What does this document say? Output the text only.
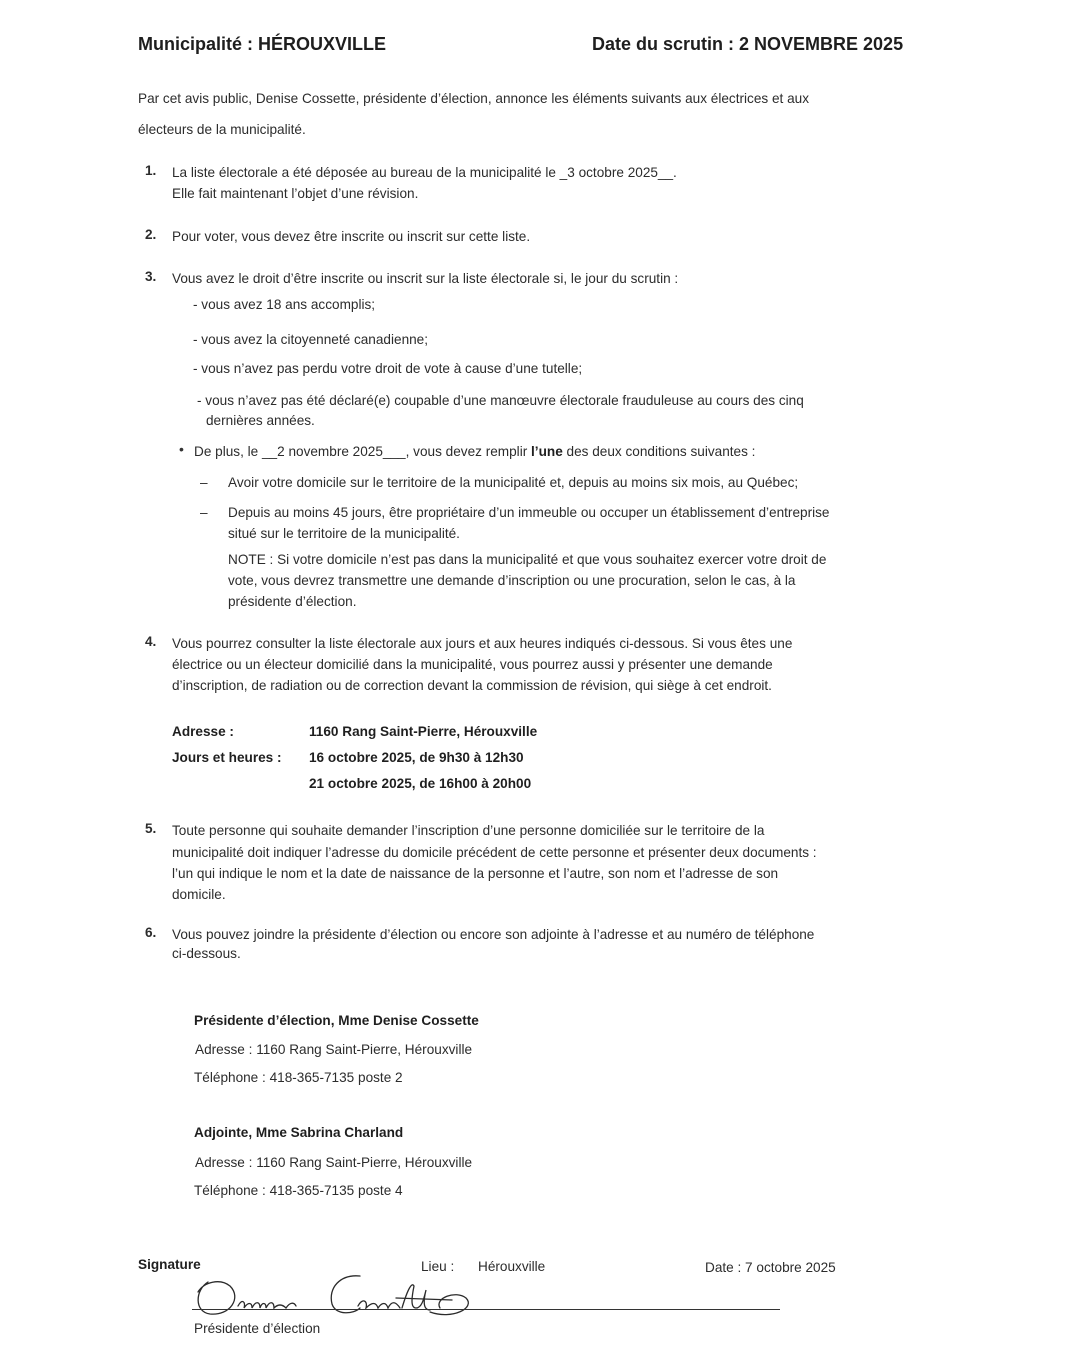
Municipalité : HÉROUXVILLE	Date du scrutin : 2 NOVEMBRE 2025
Par cet avis public, Denise Cossette, présidente d’élection, annonce les éléments suivants aux électrices et aux
électeurs de la municipalité.
1. La liste électorale a été déposée au bureau de la municipalité le _3 octobre 2025__.
Elle fait maintenant l’objet d’une révision.
2. Pour voter, vous devez être inscrite ou inscrit sur cette liste.
3. Vous avez le droit d’être inscrite ou inscrit sur la liste électorale si, le jour du scrutin :
- vous avez 18 ans accomplis;
- vous avez la citoyenneté canadienne;
- vous n’avez pas perdu votre droit de vote à cause d’une tutelle;
- vous n’avez pas été déclaré(e) coupable d’une manœuvre électorale frauduleuse au cours des cinq
dernières années.
• De plus, le __2 novembre 2025___, vous devez remplir l’une des deux conditions suivantes :
– Avoir votre domicile sur le territoire de la municipalité et, depuis au moins six mois, au Québec;
– Depuis au moins 45 jours, être propriétaire d’un immeuble ou occuper un établissement d’entreprise
situé sur le territoire de la municipalité.
NOTE : Si votre domicile n’est pas dans la municipalité et que vous souhaitez exercer votre droit de
vote, vous devrez transmettre une demande d’inscription ou une procuration, selon le cas, à la
présidente d’élection.
4. Vous pourrez consulter la liste électorale aux jours et aux heures indiqués ci-dessous. Si vous êtes une
électrice ou un électeur domicilié dans la municipalité, vous pourrez aussi y présenter une demande
d’inscription, de radiation ou de correction devant la commission de révision, qui siège à cet endroit.
Adresse :	1160 Rang Saint-Pierre, Hérouxville
Jours et heures : 16 octobre 2025, de 9h30 à 12h30
21 octobre 2025, de 16h00 à 20h00
5. Toute personne qui souhaite demander l’inscription d’une personne domiciliée sur le territoire de la
municipalité doit indiquer l’adresse du domicile précédent de cette personne et présenter deux documents :
l’un qui indique le nom et la date de naissance de la personne et l’autre, son nom et l’adresse de son
domicile.
6. Vous pouvez joindre la présidente d’élection ou encore son adjointe à l’adresse et au numéro de téléphone
ci-dessous.
Présidente d’élection, Mme Denise Cossette
Adresse : 1160 Rang Saint-Pierre, Hérouxville
Téléphone : 418-365-7135 poste 2
Adjointe, Mme Sabrina Charland
Adresse : 1160 Rang Saint-Pierre, Hérouxville
Téléphone : 418-365-7135 poste 4
Signature	Lieu : Hérouxville	Date : 7 octobre 2025
Présidente d’élection
